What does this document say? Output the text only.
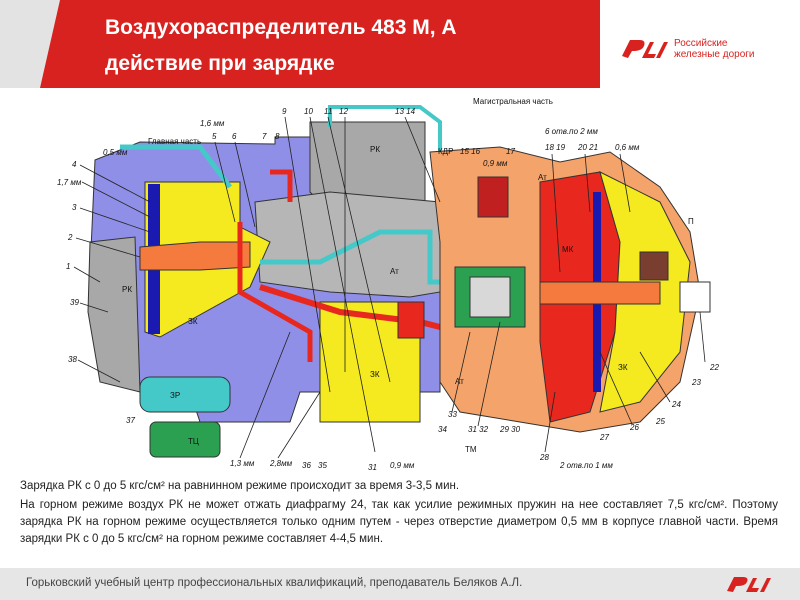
Воздухораспределитель 483 М, А
действие при зарядке
Российские
железные дороги
РК
РК
ЗК
ЗК
ЗК
ЗР
ТЦ
Ат
Ат
Ат
МК
КДР
ТМ
П
Главная часть
Магистральная часть
0,5 мм
4
1,7 мм
3
2
1
39
38
37
1,6 мм
5 6	7 8
9 10 11 12	13 14
15 16	17
0,9 мм
6 отв.по 2 мм
18 19 20 21 0,6 мм
22
23
24
25
26
27
2 отв.по 1 мм
28
29 30
31 32
33
34
35
36	31 0,9 мм
2,8мм
1,3 мм

Зарядка РК с 0 до 5 кгс/см² на равнинном режиме происходит за время 3-3,5 мин.

На горном режиме воздух РК не может отжать диафрагму 24, так как усилие режимных пружин на нее составляет 7,5 кгс/см². Поэтому зарядка РК на горном режиме осуществляется только одним путем - через отверстие диаметром 0,5 мм в корпусе главной части. Время зарядки РК с 0 до 5 кгс/см² на горном режиме составляет 4-4,5 мин.

Горьковский учебный центр профессиональных квалификаций, преподаватель Беляков А.Л.
